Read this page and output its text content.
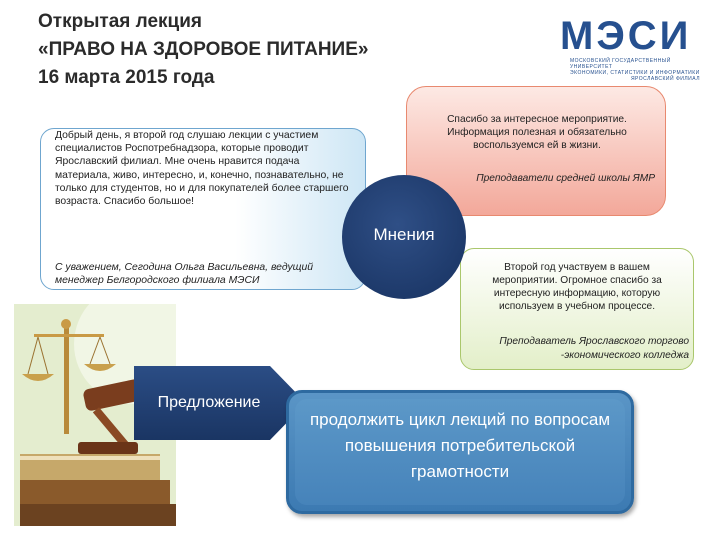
Открытая лекция
«ПРАВО НА ЗДОРОВОЕ ПИТАНИЕ»
16 марта 2015 года
МЭСИ
МОСКОВСКИЙ ГОСУДАРСТВЕННЫЙ УНИВЕРСИТЕТ
ЭКОНОМИКИ, СТАТИСТИКИ И ИНФОРМАТИКИ
ЯРОСЛАВСКИЙ ФИЛИАЛ
Добрый день, я второй год слушаю лекции с участием специалистов Роспотребнадзора, которые проводит Ярославский филиал. Мне очень нравится подача материала, живо, интересно, и, конечно, познавательно, не только для студентов, но и для покупателей более старшего возраста. Спасибо большое!
С уважением, Сегодина Ольга Васильевна, ведущий менеджер Белгородского филиала МЭСИ
Спасибо за интересное мероприятие. Информация полезная и обязательно воспользуемся ей в жизни.
Преподаватели средней школы ЯМР
Второй год участвуем в вашем мероприятии. Огромное спасибо за интересную информацию, которую используем в учебном процессе.
Преподаватель Ярославского торгово -экономического колледжа
Мнения
Предложение
продолжить цикл лекций по вопросам повышения потребительской грамотности
